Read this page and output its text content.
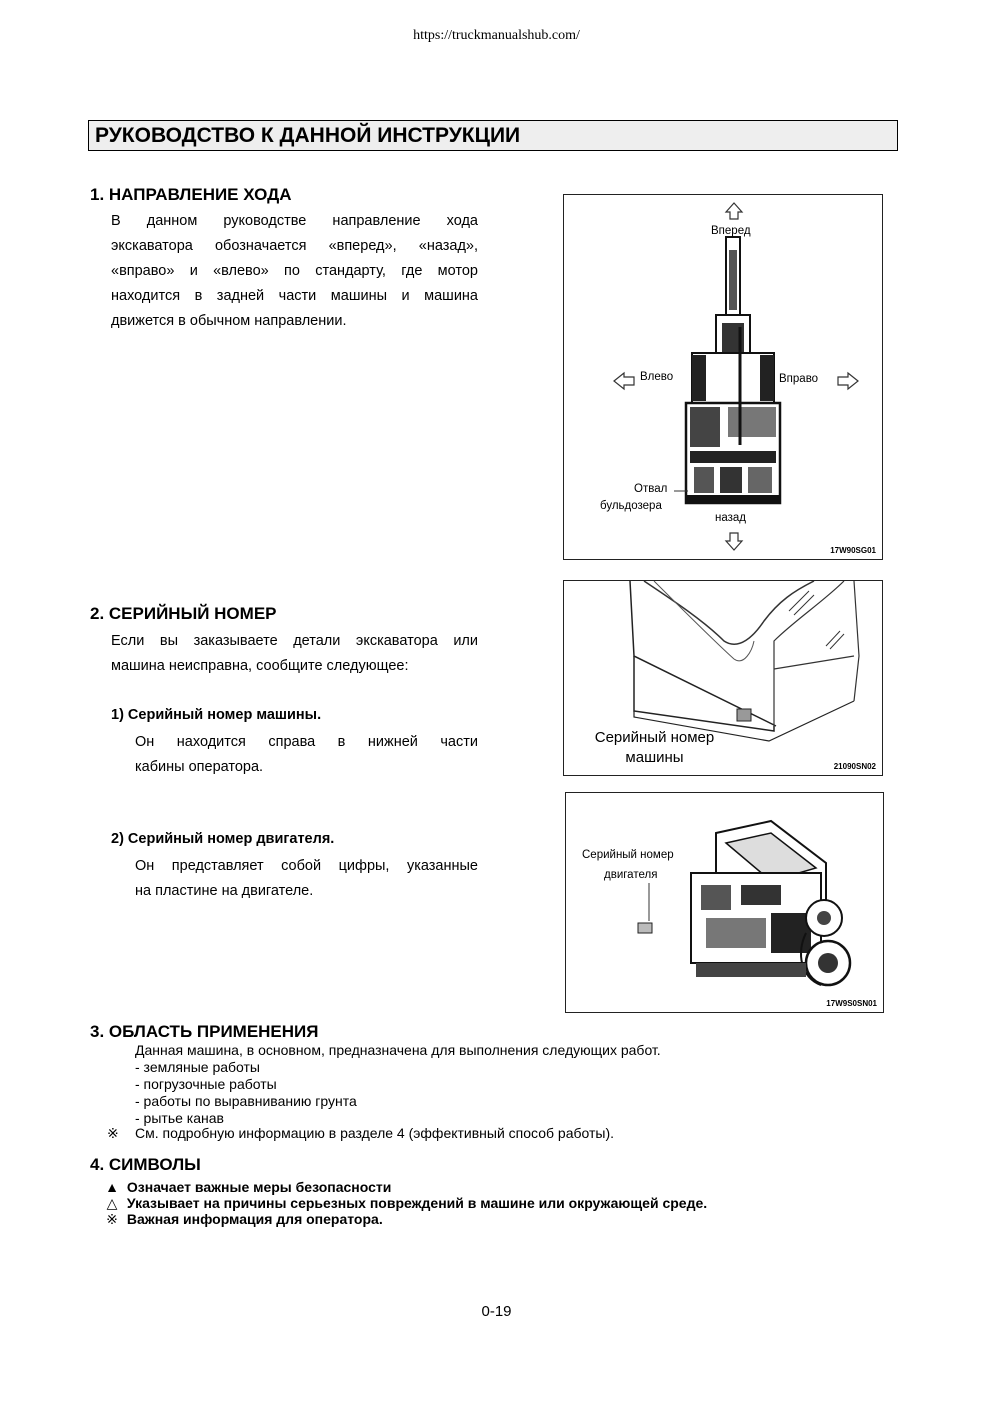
https://truckmanualshub.com/
РУКОВОДСТВО К ДАННОЙ ИНСТРУКЦИИ
1. НАПРАВЛЕНИЕ ХОДА
В данном руководстве направление хода
экскаватора обозначается «вперед», «назад»,
«вправо» и «влево» по стандарту, где мотор
находится в задней части машины и машина
движется в обычном направлении.
Вперед
Влево	Вправо
Отвал
бульдозера
назад
17W90SG01
2. СЕРИЙНЫЙ НОМЕР
Если вы заказываете детали экскаватора или
машина неисправна, сообщите следующее:
1) Серийный номер машины.
Он находится справа в нижней части
кабины оператора.
2) Серийный номер двигателя.
Он представляет собой цифры, указанные
на пластине на двигателе.
Серийный номер
машины
21090SN02
Серийный номер
двигателя
17W9S0SN01
3. ОБЛАСТЬ ПРИМЕНЕНИЯ
Данная машина, в основном, предназначена для выполнения следующих работ.
- земляные работы
- погрузочные работы
- работы по выравниванию грунта
- рытье канав
※ См. подробную информацию в разделе 4 (эффективный способ работы).
4. СИМВОЛЫ
▲ Означает важные меры безопасности
△ Указывает на причины серьезных повреждений в машине или окружающей среде.
※ Важная информация для оператора.
0-19
